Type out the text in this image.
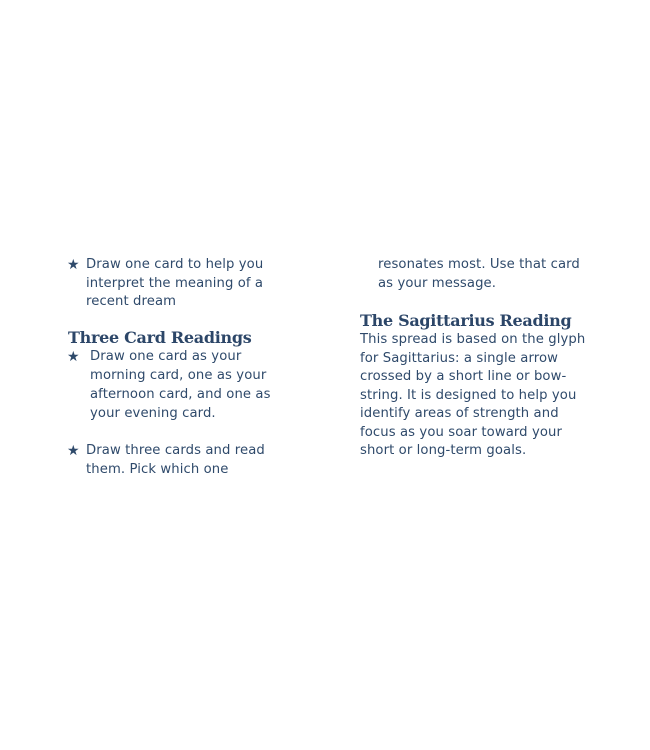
★ Draw one card to help you
interpret the meaning of a
recent dream
Three Card Readings
★ Draw one card as your
morning card, one as your
afternoon card, and one as
your evening card.
★ Draw three cards and read
them. Pick which one
resonates most. Use that card
as your message.
The Sagittarius Reading
This spread is based on the glyph
for Sagittarius: a single arrow
crossed by a short line or bow-
string. It is designed to help you
identify areas of strength and
focus as you soar toward your
short or long-term goals.
